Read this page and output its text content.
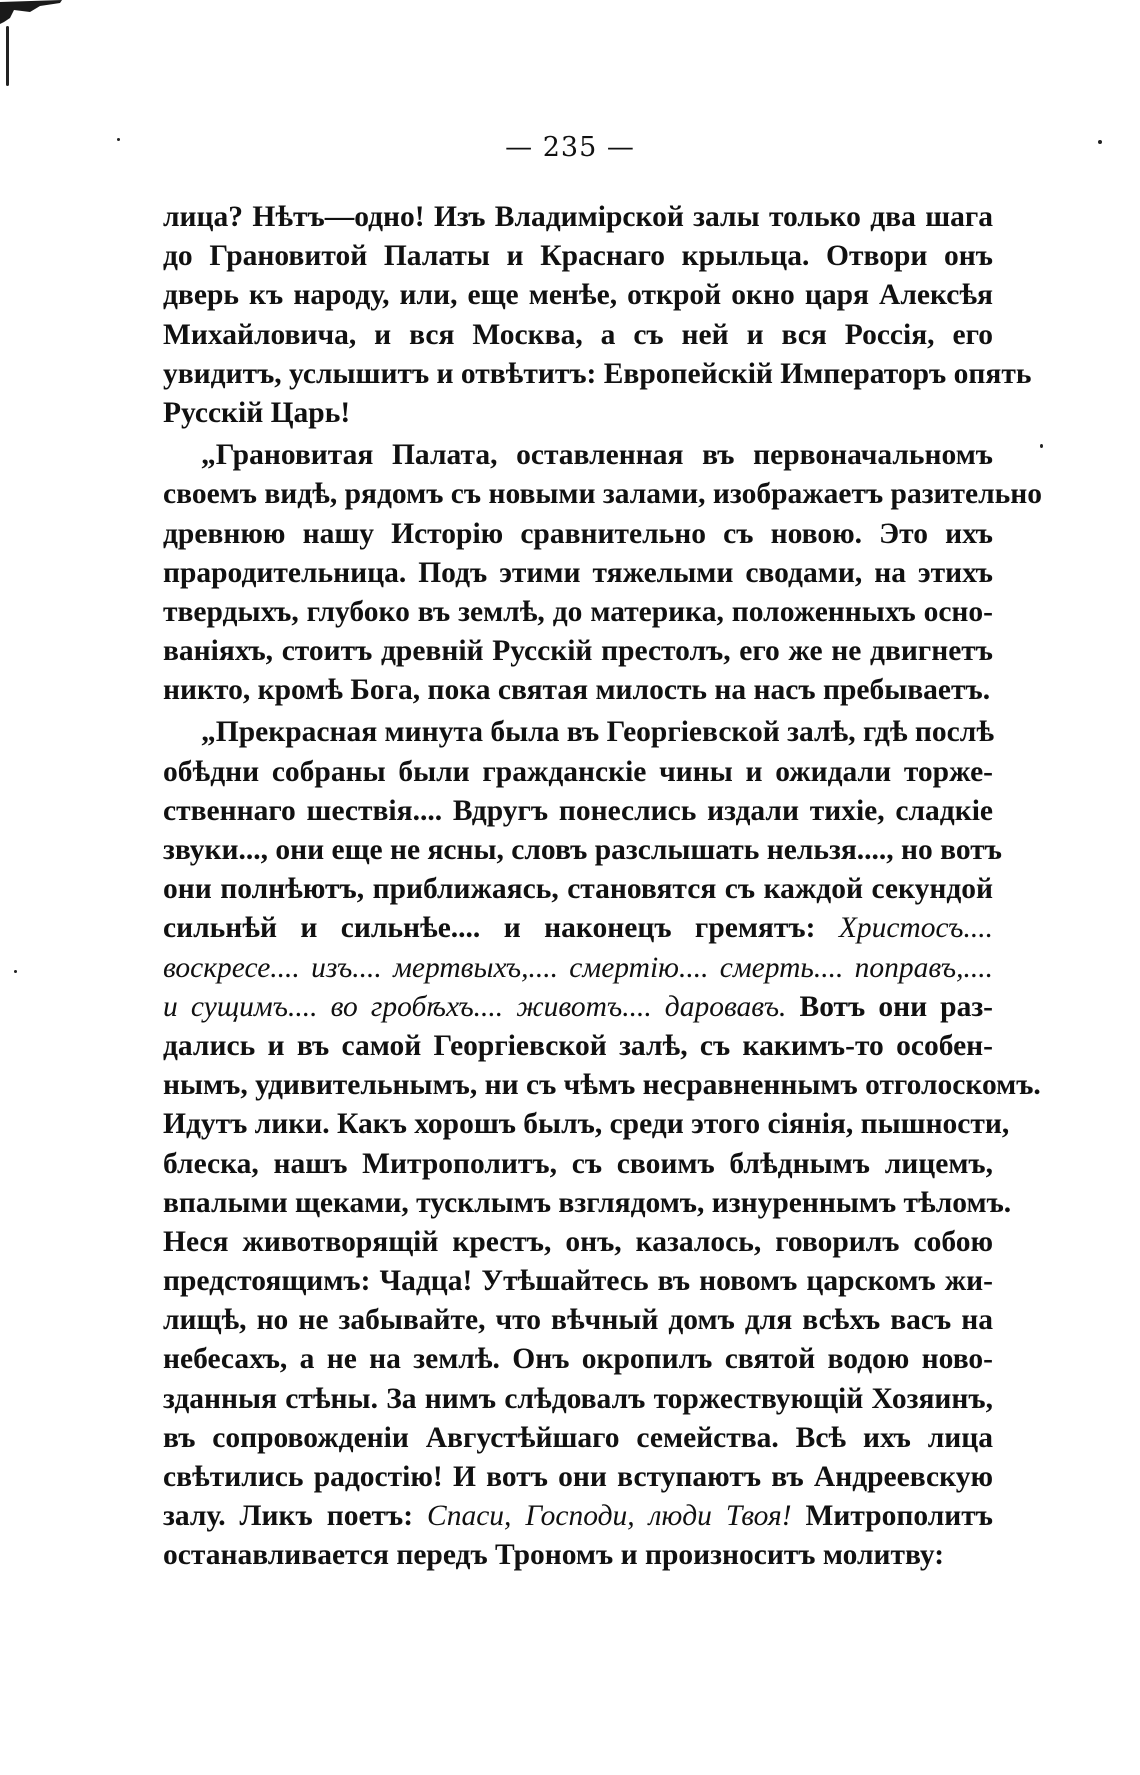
— 235 —
лица? Нѣтъ—одно! Изъ Владимірской залы только два шага
до Грановитой Палаты и Краснаго крыльца. Отвори онъ
дверь къ народу, или, еще менѣе, открой окно царя Алексѣя
Михайловича, и вся Москва, а съ ней и вся Россія, его
увидитъ, услышитъ и отвѣтитъ: Европейскій Императоръ опять
Русскій Царь!
„Грановитая Палата, оставленная въ первоначальномъ
своемъ видѣ, рядомъ съ новыми залами, изображаетъ разительно
древнюю нашу Исторію сравнительно съ новою. Это ихъ
прародительница. Подъ этими тяжелыми сводами, на этихъ
твердыхъ, глубоко въ землѣ, до материка, положенныхъ осно-
ваніяхъ, стоитъ древній Русскій престолъ, его же не двигнетъ
никто, кромѣ Бога, пока святая милость на насъ пребываетъ.
„Прекрасная минута была въ Георгіевской залѣ, гдѣ послѣ
обѣдни собраны были гражданскіе чины и ожидали торже-
ственнаго шествія.... Вдругъ понеслись издали тихіе, сладкіе
звуки..., они еще не ясны, словъ разслышать нельзя...., но вотъ
они полнѣютъ, приближаясь, становятся съ каждой секундой
сильнѣй и сильнѣе.... и наконецъ гремятъ: Христосъ....
воскресе.... изъ.... мертвыхъ,.... смертію.... смерть.... поправъ,....
и сущимъ.... во гробѣхъ.... животъ.... даровавъ. Вотъ они раз-
дались и въ самой Георгіевской залѣ, съ какимъ-то особен-
нымъ, удивительнымъ, ни съ чѣмъ несравненнымъ отголоскомъ.
Идутъ лики. Какъ хорошъ былъ, среди этого сіянія, пышности,
блеска, нашъ Митрополитъ, съ своимъ блѣднымъ лицемъ,
впалыми щеками, тусклымъ взглядомъ, изнуреннымъ тѣломъ.
Неся животворящій крестъ, онъ, казалось, говорилъ собою
предстоящимъ: Чадца! Утѣшайтесь въ новомъ царскомъ жи-
лищѣ, но не забывайте, что вѣчный домъ для всѣхъ васъ на
небесахъ, а не на землѣ. Онъ окропилъ святой водою ново-
зданныя стѣны. За нимъ слѣдовалъ торжествующій Хозяинъ,
въ сопровожденіи Августѣйшаго семейства. Всѣ ихъ лица
свѣтились радостію! И вотъ они вступаютъ въ Андреевскую
залу. Ликъ поетъ: Спаси, Господи, люди Твоя! Митрополитъ
останавливается передъ Трономъ и произноситъ молитву:
